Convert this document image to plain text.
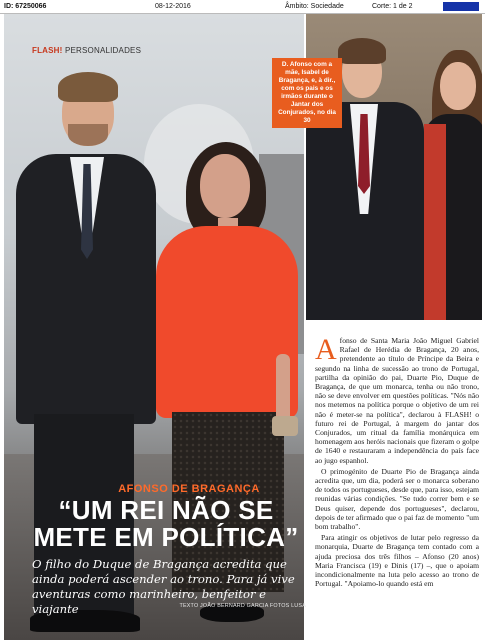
ID: 67250066	08-12-2016	Âmbito: Sociedade	Corte: 1 de 2
D. Afonso com a mãe, Isabel de Bragança, e, à dir., com os pais e os irmãos durante o Jantar dos Conjurados, no dia 30
FLASH! PERSONALIDADES
AFONSO DE BRAGANÇA
“UM REI NÃO SE METE EM POLÍTICA”
O filho do Duque de Bragança acredita que ainda poderá ascender ao trono. Para já vive aventuras como marinheiro, benfeitor e viajante	TEXTO JOÃO BERNARD GARCIA FOTOS LUSA

Afonso de Santa Maria João Miguel Gabriel Rafael de Herédia de Bragança, 20 anos, pretendente ao título de Príncipe da Beira e segundo na linha de sucessão ao trono de Portugal, partilha da opinião do pai, Duarte Pio, Duque de Bragança, de que um monarca, tenha ou não trono, não se deve envolver em questões políticas. "Nós não nos metemos na política porque o objetivo de um rei não é meter-se na política", declarou à FLASH! o futuro rei de Portugal, à margem do jantar dos Conjurados, um ritual da família monárquica em homenagem aos heróis nacionais que fizeram o golpe de 1640 e restauraram a independência do país face ao jugo espanhol.

O primogénito de Duarte Pio de Bragança ainda acredita que, um dia, poderá ser o monarca soberano de todos os portugueses, desde que, para isso, estejam reunidas várias condições. "Se tudo correr bem e se Deus quiser, depende dos portugueses", declarou, depois de ter afirmado que o pai faz de momento "um bom trabalho".

Para atingir os objetivos de lutar pelo regresso da monarquia, Duarte de Bragança tem contado com a ajuda preciosa dos três filhos – Afonso (20 anos) Maria Francisca (19) e Dinis (17) –, que o apoiam incondicionalmente na luta pelo acesso ao trono de Portugal. "Apoiamo-lo quando está em
